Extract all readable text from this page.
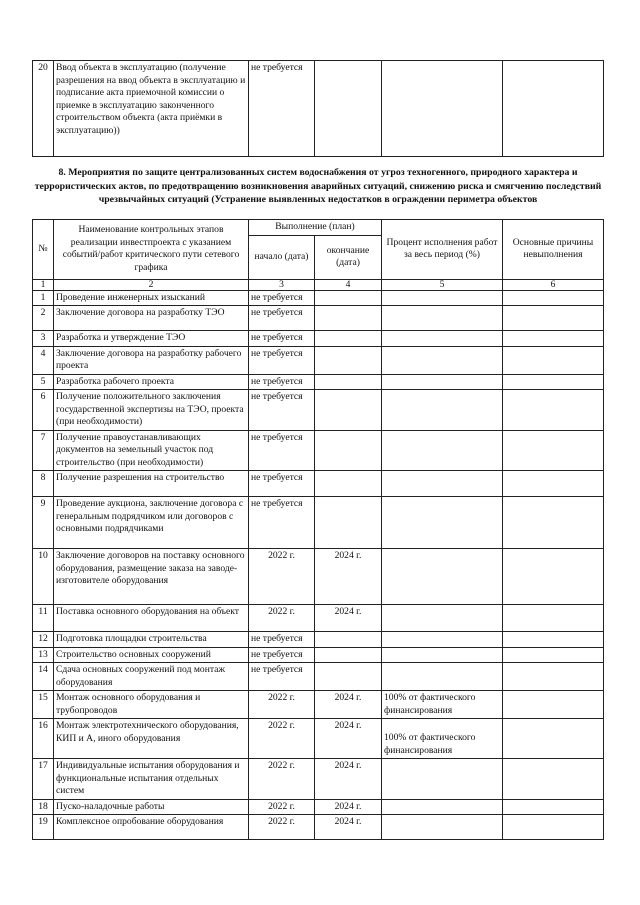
20	Ввод объекта в эксплуатацию (получение разрешения на ввод объекта в эксплуатацию и подписание акта приемочной комиссии о приемке в эксплуатацию законченного строительством объекта (акта приёмки в эксплуатацию))	не требуется			
8. Мероприятия по защите централизованных систем водоснабжения от угроз техногенного, природного характера и террористических актов, по предотвращению возникновения аварийных ситуаций, снижению риска и смягчению последствий чрезвычайных ситуаций (Устранение выявленных недостатков в ограждении периметра объектов
№	Наименование контрольных этапов реализации инвестпроекта с указанием событий/работ критического пути сетевого графика	Выполнение (план)		Процент исполнения работ за весь период (%)	Основные причины невыполнения
		начало (дата)	окончание (дата)		
1	2	3	4	5	6
1	Проведение инженерных изысканий	не требуется			
2	Заключение договора на разработку ТЭО	не требуется			
3	Разработка и утверждение ТЭО	не требуется			
4	Заключение договора на разработку рабочего проекта	не требуется			
5	Разработка рабочего проекта	не требуется			
6	Получение положительного заключения государственной экспертизы на ТЭО, проекта (при необходимости)	не требуется			
7	Получение правоустанавливающих документов на земельный участок под строительство (при необходимости)	не требуется			
8	Получение разрешения на строительство	не требуется			
9	Проведение аукциона, заключение договора с генеральным подрядчиком или договоров с основными подрядчиками	не требуется			
10	Заключение договоров на поставку основного оборудования, размещение заказа на заводе-изготовителе оборудования	2022 г.	2024 г.		
11	Поставка основного оборудования на объект	2022 г.	2024 г.		
12	Подготовка площадки строительства	не требуется			
13	Строительство основных сооружений	не требуется			
14	Сдача основных сооружений под монтаж оборудования	не требуется			
15	Монтаж основного оборудования и трубопроводов	2022 г.	2024 г.	100% от фактического финансирования	
16	Монтаж электротехнического оборудования, КИП и А, иного оборудования	2022 г.	2024 г.	100% от фактического финансирования	
17	Индивидуальные испытания оборудования и функциональные испытания отдельных систем	2022 г.	2024 г.		
18	Пуско-наладочные работы	2022 г.	2024 г.		
19	Комплексное опробование оборудования	2022 г.	2024 г.		
